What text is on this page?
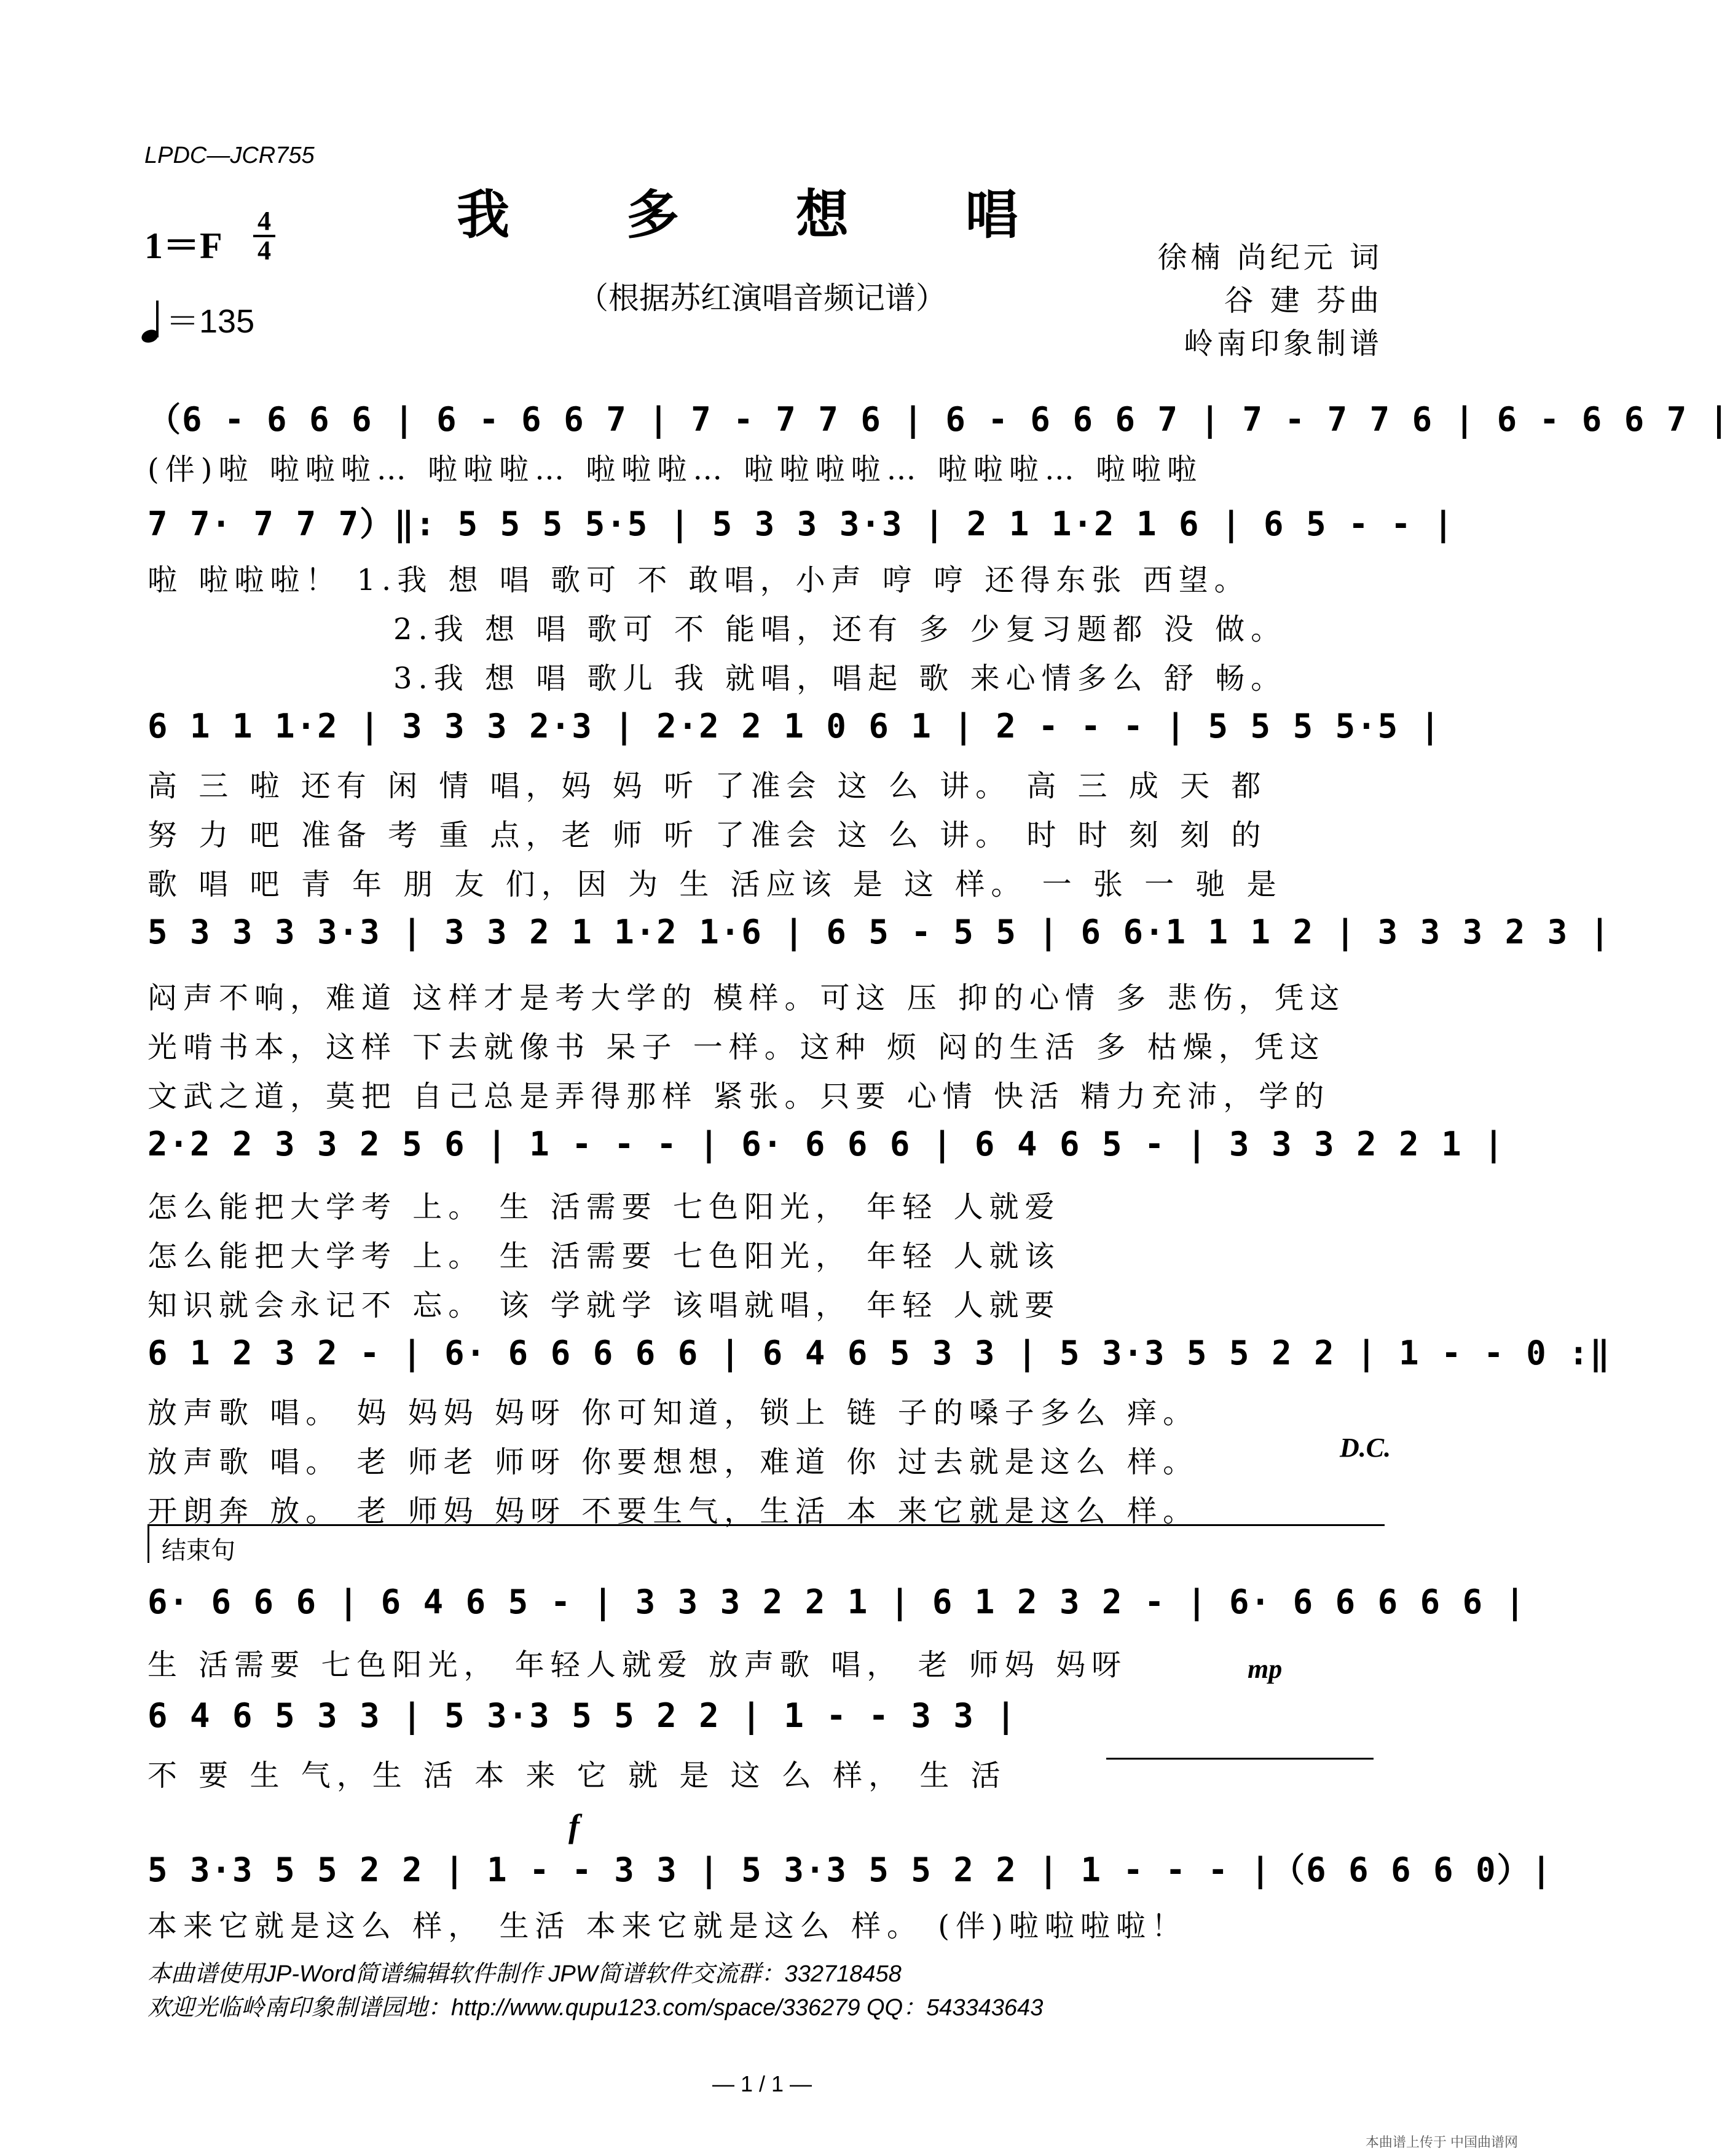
LPDC—JCR755
我 多 想 唱
（根据苏红演唱音频记谱）
1＝F
4
4
＝135
徐楠 尚纪元 词
谷 建 芬曲
岭南印象制谱
（6 - 6 6 6 | 6 - 6 6 7 | 7 - 7 7 6 | 6 - 6 6 6 7 | 7 - 7 7 6 | 6 - 6 6 7 |
(伴)啦 啦啦啦… 啦啦啦… 啦啦啦… 啦啦啦啦… 啦啦啦… 啦啦啦
7 7· 7 7 7）‖: 5 5 5 5·5 | 5 3 3 3·3 | 2 1 1·2 1 6 | 6 5 - - |
啦 啦啦啦！ 1.我 想 唱 歌可 不 敢唱，小声 哼 哼 还得东张 西望。
2.我 想 唱 歌可 不 能唱，还有 多 少复习题都 没 做。
3.我 想 唱 歌儿 我 就唱，唱起 歌 来心情多么 舒 畅。
6 1 1 1·2 | 3 3 3 2·3 | 2·2 2 1 0 6 1 | 2 - - - | 5 5 5 5·5 |
高 三 啦 还有 闲 情 唱，妈 妈 听 了准会 这 么 讲。 高 三 成 天 都
努 力 吧 准备 考 重 点，老 师 听 了准会 这 么 讲。 时 时 刻 刻 的
歌 唱 吧 青 年 朋 友 们，因 为 生 活应该 是 这 样。 一 张 一 驰 是
5 3 3 3 3·3 | 3 3 2 1 1·2 1·6 | 6 5 - 5 5 | 6 6·1 1 1 2 | 3 3 3 2 3 |
闷声不响，难道 这样才是考大学的 模样。可这 压 抑的心情 多 悲伤，凭这
光啃书本，这样 下去就像书 呆子 一样。这种 烦 闷的生活 多 枯燥，凭这
文武之道，莫把 自己总是弄得那样 紧张。只要 心情 快活 精力充沛，学的
2·2 2 3 3 2 5 6 | 1 - - - | 6· 6 6 6 | 6 4 6 5 - | 3 3 3 2 2 1 |
怎么能把大学考 上。 生 活需要 七色阳光， 年轻 人就爱
怎么能把大学考 上。 生 活需要 七色阳光， 年轻 人就该
知识就会永记不 忘。 该 学就学 该唱就唱， 年轻 人就要
6 1 2 3 2 - | 6· 6 6 6 6 6 | 6 4 6 5 3 3 | 5 3·3 5 5 2 2 | 1 - - 0 :‖
放声歌 唱。 妈 妈妈 妈呀 你可知道，锁上 链 子的嗓子多么 痒。
放声歌 唱。 老 师老 师呀 你要想想，难道 你 过去就是这么 样。
开朗奔 放。 老 师妈 妈呀 不要生气，生活 本 来它就是这么 样。
D.C.
结束句
6· 6 6 6 | 6 4 6 5 - | 3 3 3 2 2 1 | 6 1 2 3 2 - | 6· 6 6 6 6 6 |
生 活需要 七色阳光， 年轻人就爱 放声歌 唱， 老 师妈 妈呀	mp
6 4 6 5 3 3 | 5 3·3 5 5 2 2 | 1 - - 3 3 |
不 要 生 气，生 活 本 来 它 就 是 这 么 样， 生 活
f
5 3·3 5 5 2 2 | 1 - - 3 3 | 5 3·3 5 5 2 2 | 1 - - - |（6 6 6 6 0）|
本来它就是这么 样， 生活 本来它就是这么 样。 (伴)啦啦啦啦！
本曲谱使用JP-Word简谱编辑软件制作 JPW简谱软件交流群：332718458
欢迎光临岭南印象制谱园地：http://www.qupu123.com/space/336279 QQ：543343643
— 1 / 1 —
本曲谱上传于 中国曲谱网
